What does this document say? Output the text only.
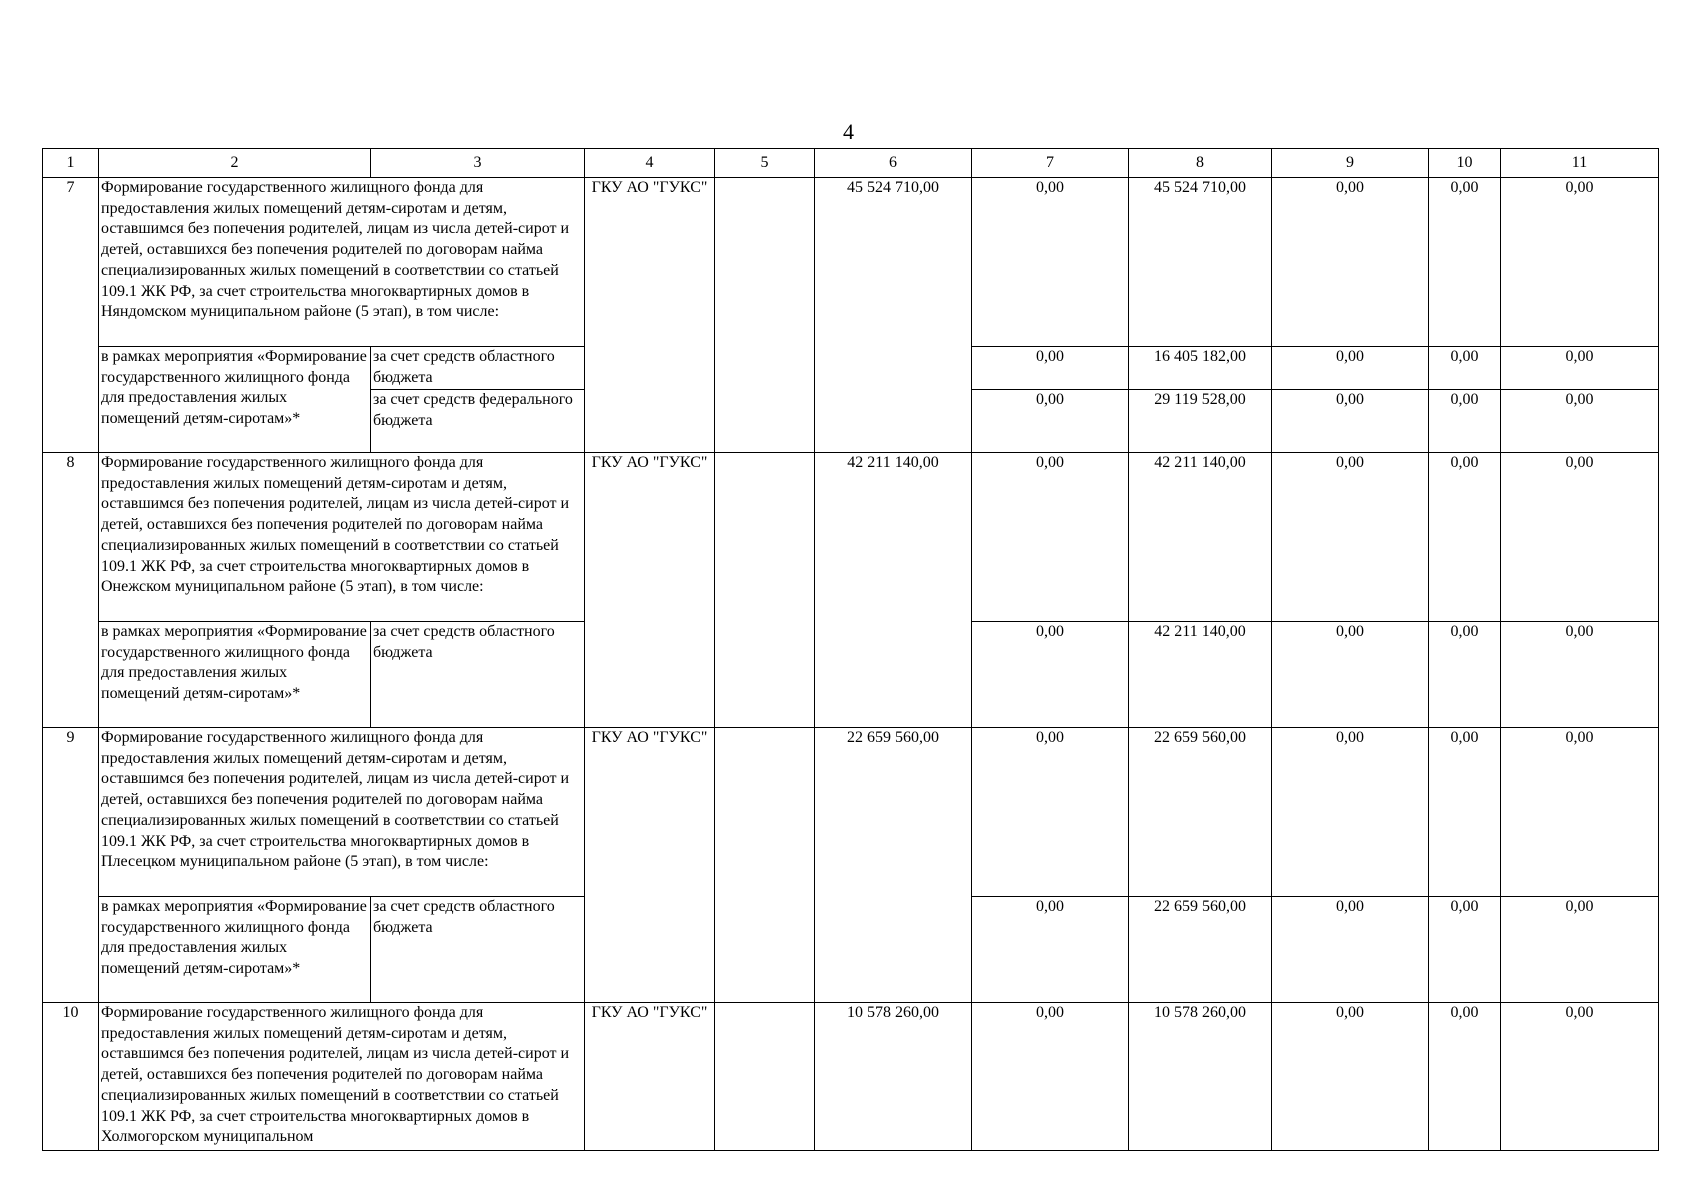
4
1	2	3	4	5	6	7	8	9	10	11
7	Формирование государственного жилищного фонда для предоставления жилых помещений детям-сиротам и детям, оставшимся без попечения родителей, лицам из числа детей-сирот и детей, оставшихся без попечения родителей по договорам найма специализированных жилых помещений в соответствии со статьей 109.1 ЖК РФ, за счет строительства многоквартирных домов в Няндомском муниципальном районе (5 этап), в том числе:		ГКУ АО "ГУКС"		45 524 710,00	0,00	45 524 710,00	0,00	0,00	0,00
	в рамках мероприятия «Формирование государственного жилищного фонда для предоставления жилых помещений детям-сиротам»*	за счет средств областного бюджета				0,00	16 405 182,00	0,00	0,00	0,00
		за счет средств федерального бюджета				0,00	29 119 528,00	0,00	0,00	0,00
8	Формирование государственного жилищного фонда для предоставления жилых помещений детям-сиротам и детям, оставшимся без попечения родителей, лицам из числа детей-сирот и детей, оставшихся без попечения родителей по договорам найма специализированных жилых помещений в соответствии со статьей 109.1 ЖК РФ, за счет строительства многоквартирных домов в Онежском муниципальном районе (5 этап), в том числе:		ГКУ АО "ГУКС"		42 211 140,00	0,00	42 211 140,00	0,00	0,00	0,00
	в рамках мероприятия «Формирование государственного жилищного фонда для предоставления жилых помещений детям-сиротам»*	за счет средств областного бюджета				0,00	42 211 140,00	0,00	0,00	0,00
9	Формирование государственного жилищного фонда для предоставления жилых помещений детям-сиротам и детям, оставшимся без попечения родителей, лицам из числа детей-сирот и детей, оставшихся без попечения родителей по договорам найма специализированных жилых помещений в соответствии со статьей 109.1 ЖК РФ, за счет строительства многоквартирных домов в Плесецком муниципальном районе (5 этап), в том числе:		ГКУ АО "ГУКС"		22 659 560,00	0,00	22 659 560,00	0,00	0,00	0,00
	в рамках мероприятия «Формирование государственного жилищного фонда для предоставления жилых помещений детям-сиротам»*	за счет средств областного бюджета				0,00	22 659 560,00	0,00	0,00	0,00
10	Формирование государственного жилищного фонда для предоставления жилых помещений детям-сиротам и детям, оставшимся без попечения родителей, лицам из числа детей-сирот и детей, оставшихся без попечения родителей по договорам найма специализированных жилых помещений в соответствии со статьей 109.1 ЖК РФ, за счет строительства многоквартирных домов в Холмогорском муниципальном		ГКУ АО "ГУКС"		10 578 260,00	0,00	10 578 260,00	0,00	0,00	0,00
